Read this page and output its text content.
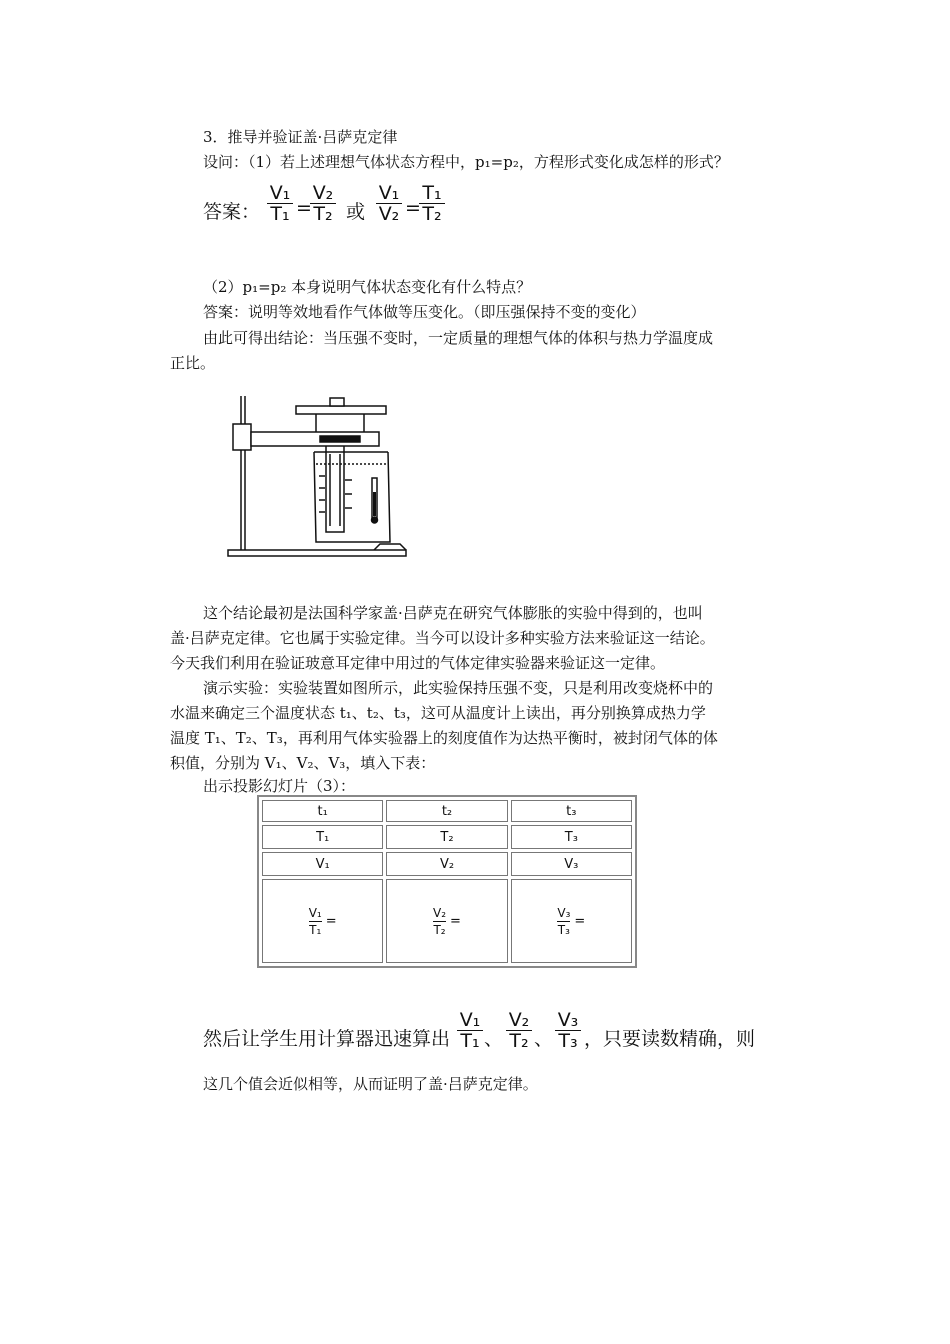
3．推导并验证盖·吕萨克定律
设问：（1）若上述理想气体状态方程中，p₁=p₂，方程形式变化成怎样的形式？
答案：
V₁
T₁ =
V₂
T₂ 或
V₁
V₂ =
T₁
T₂
（2）p₁=p₂ 本身说明气体状态变化有什么特点？
答案：说明等效地看作气体做等压变化。（即压强保持不变的变化）
由此可得出结论：当压强不变时，一定质量的理想气体的体积与热力学温度成
正比。
这个结论最初是法国科学家盖·吕萨克在研究气体膨胀的实验中得到的，也叫
盖·吕萨克定律。它也属于实验定律。当今可以设计多种实验方法来验证这一结论。
今天我们利用在验证玻意耳定律中用过的气体定律实验器来验证这一定律。
演示实验：实验装置如图所示，此实验保持压强不变，只是利用改变烧杯中的
水温来确定三个温度状态 t₁、t₂、t₃，这可从温度计上读出，再分别换算成热力学
温度 T₁、T₂、T₃，再利用气体实验器上的刻度值作为达热平衡时，被封闭气体的体
积值，分别为 V₁、V₂、V₃，填入下表：
出示投影幻灯片（3）：
t₁	t₂	t₃
T₁	T₂	T₃
V₁	V₂	V₃

$\frac{\text{V₁}}{\text{T₁}}$ =	$\frac{\text{V₂}}{\text{T₂}}$ =	$\frac{\text{V₃}}{\text{T₃}}$ =
然后让学生用计算器迅速算出
V₁
T₁ 、
V₂
T₂ 、
V₃
T₃ ，只要读数精确，则
这几个值会近似相等，从而证明了盖·吕萨克定律。
